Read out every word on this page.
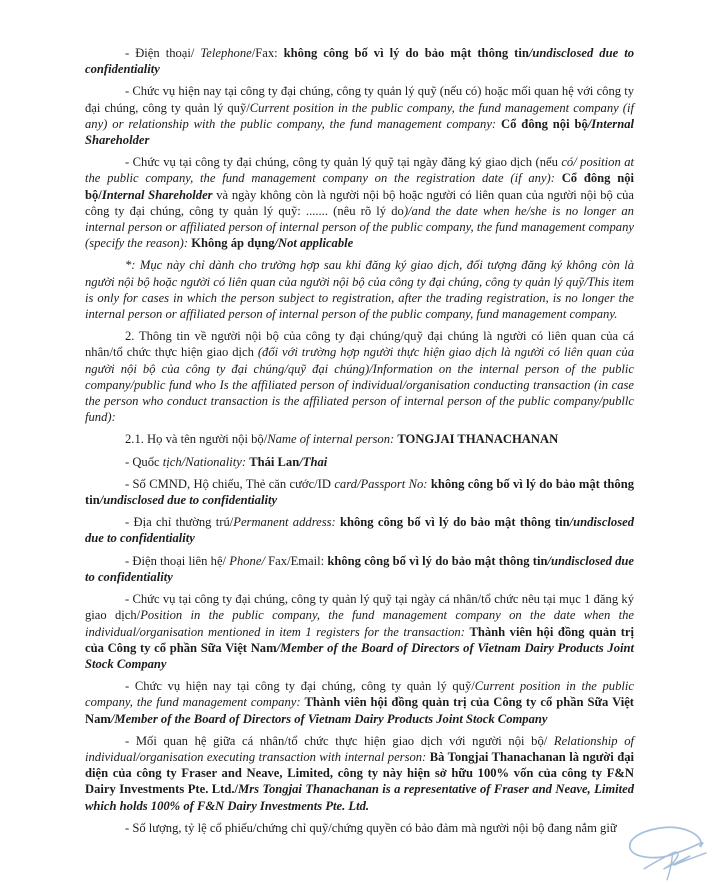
- Điện thoại/ Telephone/Fax: không công bố vì lý do bảo mật thông tin/undisclosed due to confidentiality

- Chức vụ hiện nay tại công ty đại chúng, công ty quản lý quỹ (nếu có) hoặc mối quan hệ với công ty đại chúng, công ty quản lý quỹ/Current position in the public company, the fund management company (if any) or relationship with the public company, the fund management company: Cổ đông nội bộ/Internal Shareholder

- Chức vụ tại công ty đại chúng, công ty quản lý quỹ tại ngày đăng ký giao dịch (nếu có/ position at the public company, the fund management company on the registration date (if any): Cổ đông nội bộ/Internal Shareholder và ngày không còn là người nội bộ hoặc người có liên quan của người nội bộ của công ty đại chúng, công ty quản lý quỹ: ....... (nêu rõ lý do)/and the date when he/she is no longer an internal person or affiliated person of internal person of the public company, the fund management company (specify the reason): Không áp dụng/Not applicable

*: Mục này chỉ dành cho trường hợp sau khi đăng ký giao dịch, đối tượng đăng ký không còn là người nội bộ hoặc người có liên quan của người nội bộ của công ty đại chúng, công ty quản lý quỹ/This item is only for cases in which the person subject to registration, after the trading registration, is no longer the internal person or affiliated person of internal person of the public company, fund management company.

2. Thông tin về người nội bộ của công ty đại chúng/quỹ đại chúng là người có liên quan của cá nhân/tổ chức thực hiện giao dịch (đối với trường hợp người thực hiện giao dịch là người có liên quan của người nội bộ của công ty đại chúng/quỹ đại chúng)/Information on the internal person of the public company/public fund who Is the affiliated person of individual/organisation conducting transaction (in case the person who conduct transaction is the affiliated person of internal person of the public company/publlc fund):

2.1. Họ và tên người nội bộ/Name of internal person: TONGJAI THANACHANAN

- Quốc tịch/Nationality: Thái Lan/Thai

- Số CMND, Hộ chiếu, Thẻ căn cước/ID card/Passport No: không công bố vì lý do bảo mật thông tin/undisclosed due to confidentiality

- Địa chỉ thường trú/Permanent address: không công bố vì lý do bảo mật thông tin/undisclosed due to confidentiality

- Điện thoại liên hệ/ Phone/ Fax/Email: không công bố vì lý do bảo mật thông tin/undisclosed due to confidentiality

- Chức vụ tại công ty đại chúng, công ty quản lý quỹ tại ngày cá nhân/tổ chức nêu tại mục 1 đăng ký giao dịch/Position in the public company, the fund management company on the date when the individual/organisation mentioned in item 1 registers for the transaction: Thành viên hội đồng quản trị của Công ty cổ phần Sữa Việt Nam/Member of the Board of Directors of Vietnam Dairy Products Joint Stock Company

- Chức vụ hiện nay tại công ty đại chúng, công ty quản lý quỹ/Current position in the public company, the fund management company: Thành viên hội đồng quản trị của Công ty cổ phần Sữa Việt Nam/Member of the Board of Directors of Vietnam Dairy Products Joint Stock Company

- Mối quan hệ giữa cá nhân/tổ chức thực hiện giao dịch với người nội bộ/ Relationship of individual/organisation executing transaction with internal person: Bà Tongjai Thanachanan là người đại diện của công ty Fraser and Neave, Limited, công ty này hiện sở hữu 100% vốn của công ty F&N Dairy Investments Pte. Ltd./Mrs Tongjai Thanachanan is a representative of Fraser and Neave, Limited which holds 100% of F&N Dairy Investments Pte. Ltd.

- Số lượng, tỷ lệ cổ phiếu/chứng chỉ quỹ/chứng quyền có bảo đảm mà người nội bộ đang nắm giữ
